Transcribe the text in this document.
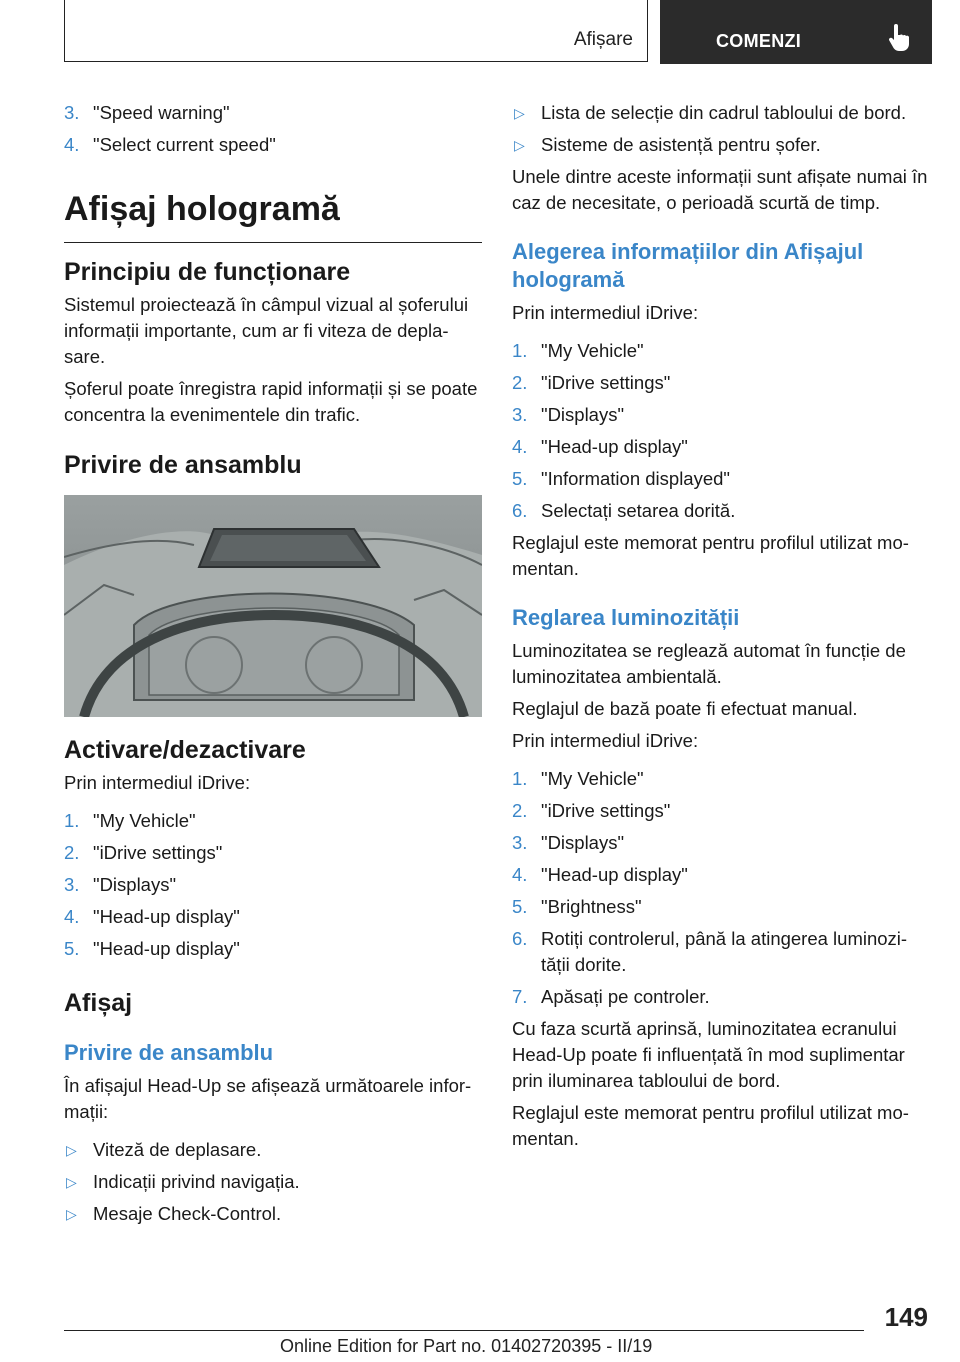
Afișare	COMENZI
3. "Speed warning"
4. "Select current speed"
Afișaj hologramă
Principiu de funcționare

Sistemul proiectează în câmpul vizual al șoferului informații importante, cum ar fi viteza de depla-sare.

Șoferul poate înregistra rapid informații și se poate concentra la evenimentele din trafic.

Privire de ansamblu
Activare/dezactivare

Prin intermediul iDrive:

1. "My Vehicle"
2. "iDrive settings"
3. "Displays"
4. "Head-up display"
5. "Head-up display"
Afișaj
Privire de ansamblu

În afișajul Head-Up se afișează următoarele infor-mații:

▷ Viteză de deplasare.
▷ Indicații privind navigația.
▷ Mesaje Check-Control.
▷ Lista de selecție din cadrul tabloului de bord.
▷ Sisteme de asistență pentru șofer.

Unele dintre aceste informații sunt afișate numai în caz de necesitate, o perioadă scurtă de timp.

Alegerea informațiilor din Afișajul hologramă

Prin intermediul iDrive:

1. "My Vehicle"
2. "iDrive settings"
3. "Displays"
4. "Head-up display"
5. "Information displayed"
6. Selectați setarea dorită.

Reglajul este memorat pentru profilul utilizat mo-mentan.

Reglarea luminozității

Luminozitatea se reglează automat în funcție de luminozitatea ambientală.

Reglajul de bază poate fi efectuat manual.

Prin intermediul iDrive:

1. "My Vehicle"
2. "iDrive settings"
3. "Displays"
4. "Head-up display"
5. "Brightness"
6. Rotiți controlerul, până la atingerea luminozi-tății dorite.
7. Apăsați pe controler.

Cu faza scurtă aprinsă, luminozitatea ecranului Head-Up poate fi influențată în mod suplimentar prin iluminarea tabloului de bord.

Reglajul este memorat pentru profilul utilizat mo-mentan.

149
Online Edition for Part no. 01402720395 - II/19
